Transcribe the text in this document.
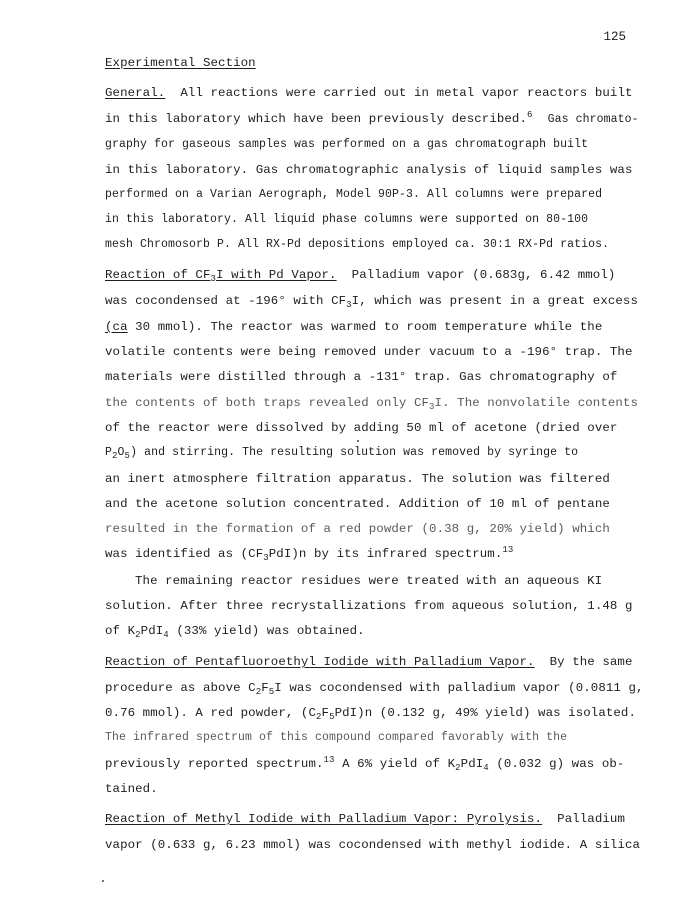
125
Experimental Section
General. All reactions were carried out in metal vapor reactors built
in this laboratory which have been previously described.$^6$ Gas chromato-
graphy for gaseous samples was performed on a gas chromatograph built
in this laboratory. Gas chromatographic analysis of liquid samples was
performed on a Varian Aerograph, Model 90P-3. All columns were prepared
in this laboratory. All liquid phase columns were supported on 80-100
mesh Chromosorb P. All RX-Pd depositions employed ca. 30:1 RX-Pd ratios.
Reaction of $CF_3I$ with Pd Vapor. Palladium vapor (0.683g, 6.42 mmol)
was cocondensed at -196° with $CF_3I$, which was present in a great excess
(ca 30 mmol). The reactor was warmed to room temperature while the
volatile contents were being removed under vacuum to a -196° trap. The
materials were distilled through a -131° trap. Gas chromatography of
the contents of both traps revealed only $CF_3I$. The nonvolatile contents
of the reactor were dissolved by adding 50 ml of acetone (dried over
$P_2O_5$) and stirring. The resulting solution was removed by syringe to
an inert atmosphere filtration apparatus. The solution was filtered
and the acetone solution concentrated. Addition of 10 ml of pentane
resulted in the formation of a red powder (0.38 g, 20% yield) which
was identified as $(CF_3PdI)n$ by its infrared spectrum.$^{13}$
The remaining reactor residues were treated with an aqueous KI
solution. After three recrystallizations from aqueous solution, 1.48 g
of $K_2PdI_4$ (33% yield) was obtained.
Reaction of Pentafluoroethyl Iodide with Palladium Vapor. By the same
procedure as above $C_2F_5I$ was cocondensed with palladium vapor (0.0811 g,
0.76 mmol). A red powder, $(C_2F_5PdI)n$ (0.132 g, 49% yield) was isolated.
The infrared spectrum of this compound compared favorably with the
previously reported spectrum.$^{13}$ A 6% yield of $K_2PdI_4$ (0.032 g) was ob-
tained.
Reaction of Methyl Iodide with Palladium Vapor: Pyrolysis. Palladium
vapor (0.633 g, 6.23 mmol) was cocondensed with methyl iodide. A silica
